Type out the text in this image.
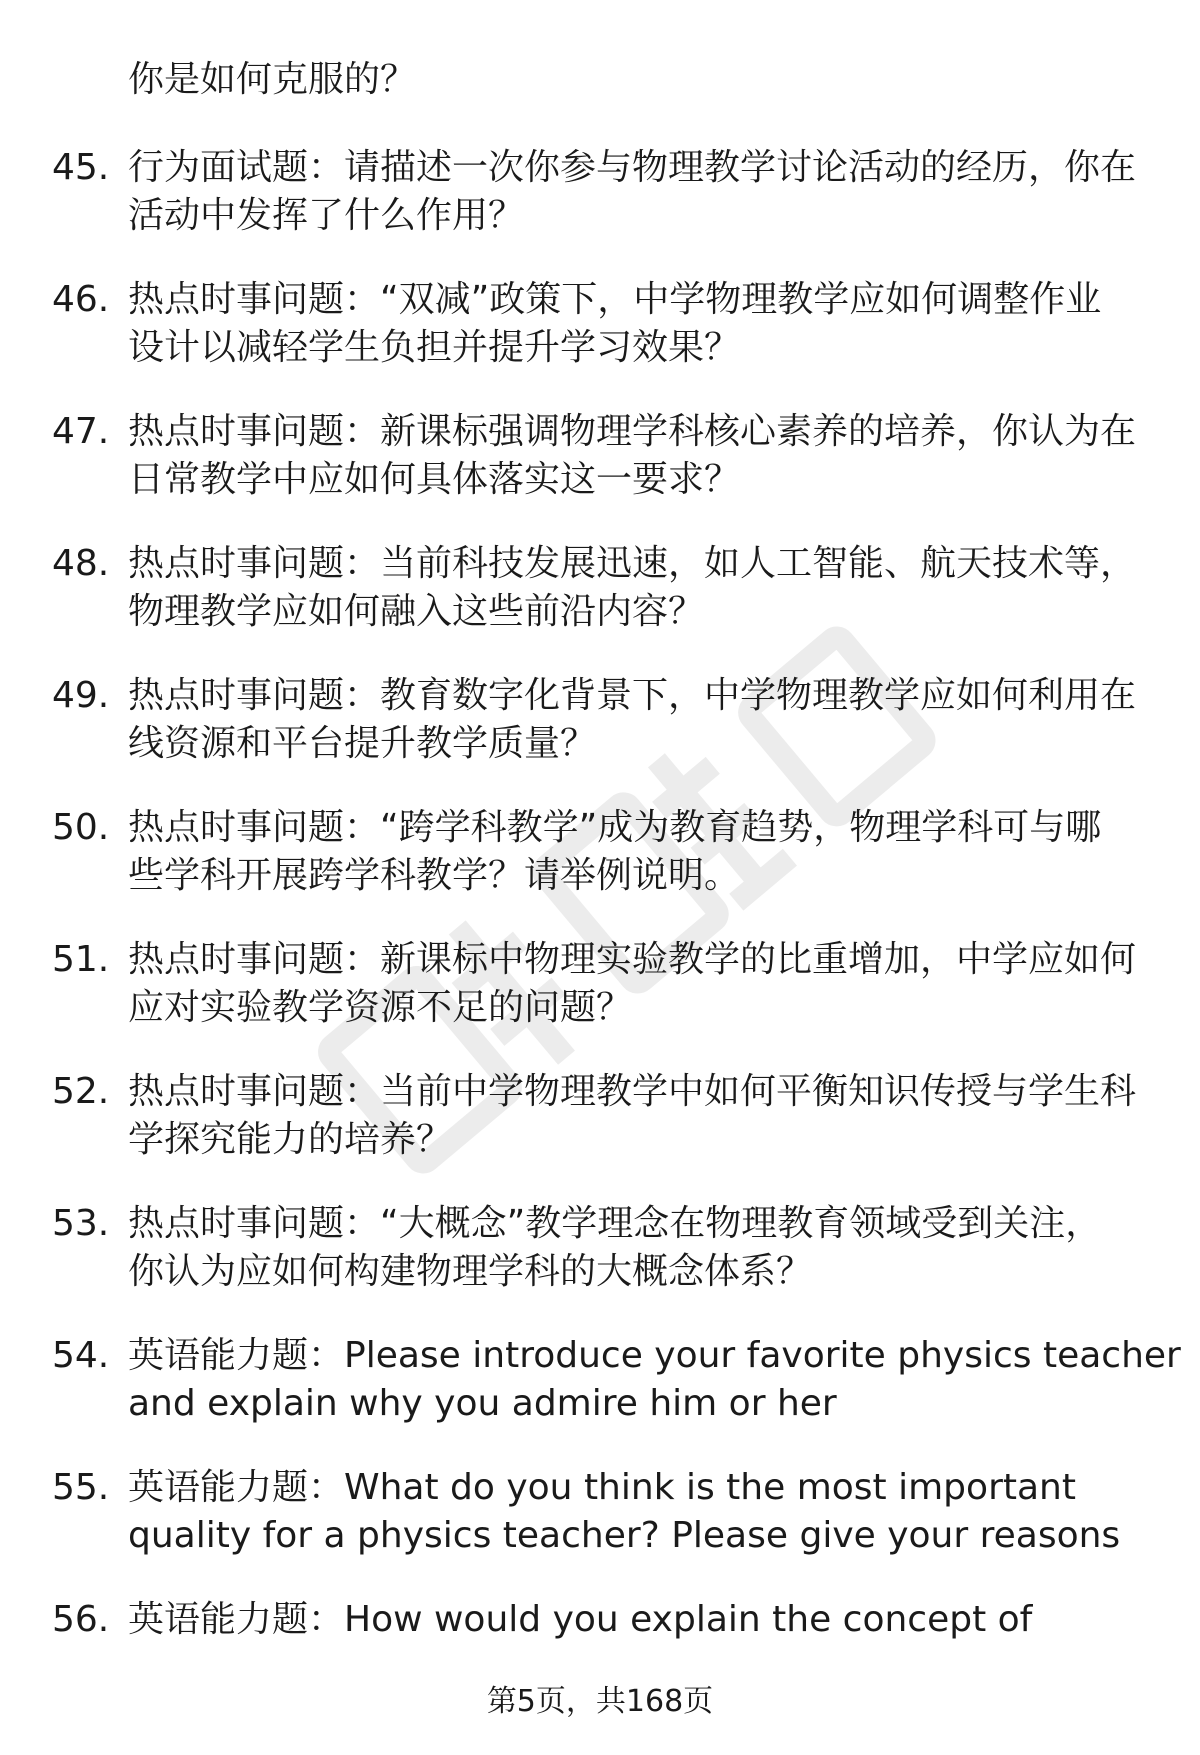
你是如何克服的？
45. 行为面试题：请描述一次你参与物理教学讨论活动的经历，你在
活动中发挥了什么作用？
46. 热点时事问题：“双减”政策下，中学物理教学应如何调整作业
设计以减轻学生负担并提升学习效果？
47. 热点时事问题：新课标强调物理学科核心素养的培养，你认为在
日常教学中应如何具体落实这一要求？
48. 热点时事问题：当前科技发展迅速，如人工智能、航天技术等，
物理教学应如何融入这些前沿内容？
49. 热点时事问题：教育数字化背景下，中学物理教学应如何利用在
线资源和平台提升教学质量？
50. 热点时事问题：“跨学科教学”成为教育趋势，物理学科可与哪
些学科开展跨学科教学？请举例说明。
51. 热点时事问题：新课标中物理实验教学的比重增加，中学应如何
应对实验教学资源不足的问题？
52. 热点时事问题：当前中学物理教学中如何平衡知识传授与学生科
学探究能力的培养？
53. 热点时事问题：“大概念”教学理念在物理教育领域受到关注，
你认为应如何构建物理学科的大概念体系？
54. 英语能力题：Please introduce your favorite physics teacher
and explain why you admire him or her
55. 英语能力题：What do you think is the most important
quality for a physics teacher? Please give your reasons
56. 英语能力题：How would you explain the concept of
第5页，共168页
